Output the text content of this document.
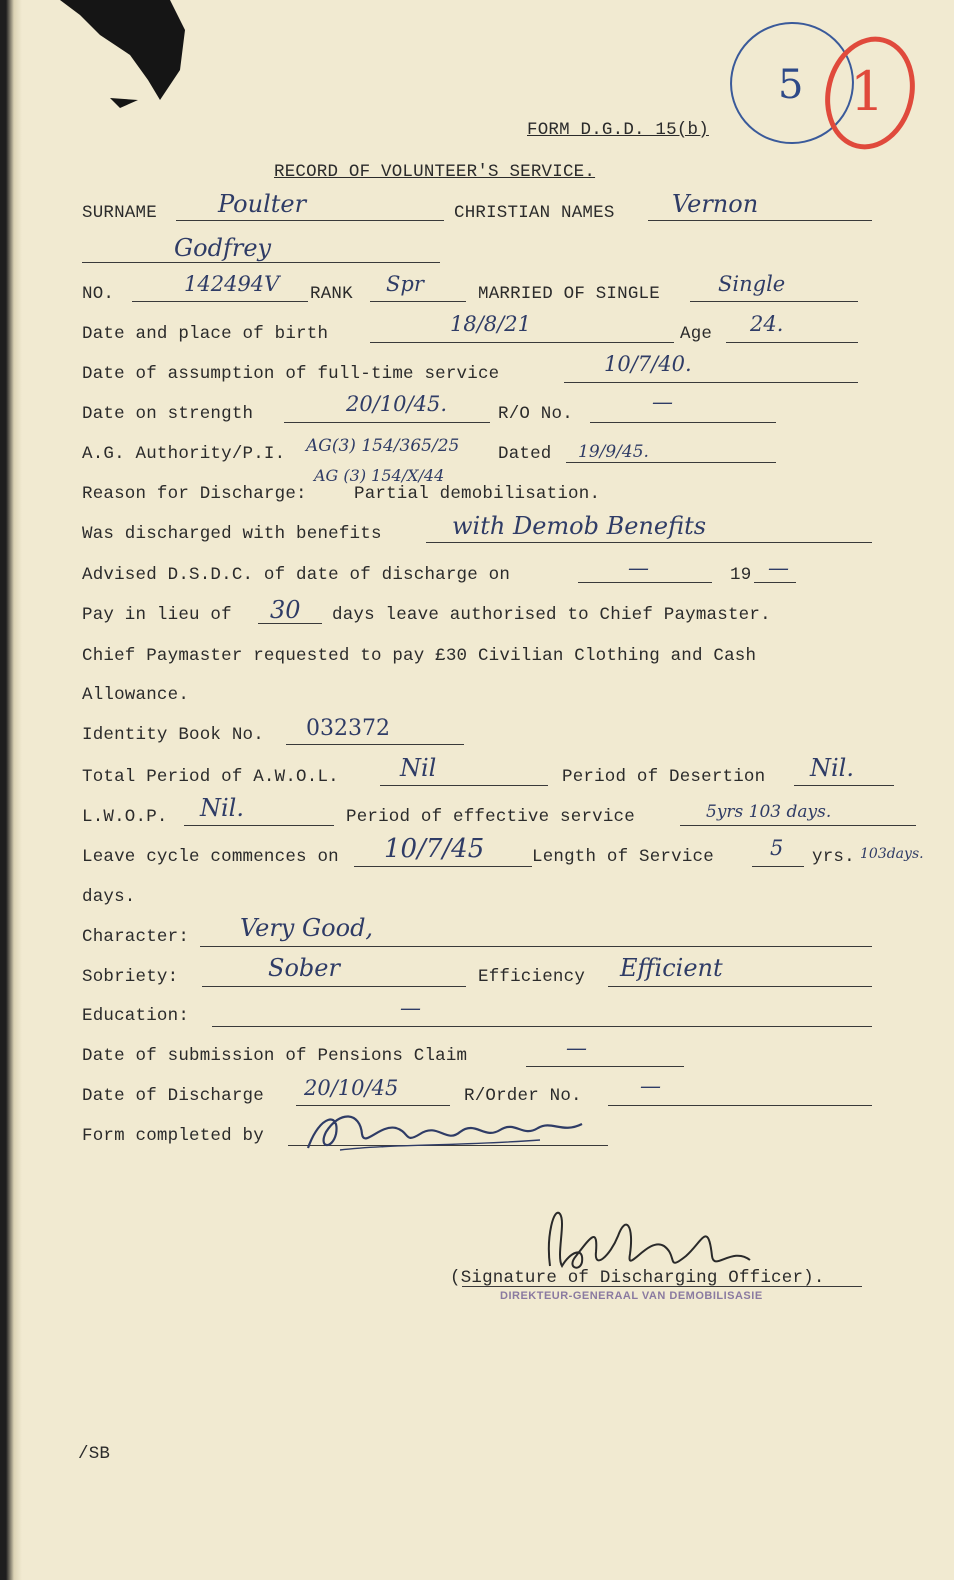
5 1
FORM D.G.D. 15(b)
RECORD OF VOLUNTEER'S SERVICE.
SURNAME	Poulter	CHRISTIAN NAMES Vernon
Godfrey
NO.	142494V RANK Spr	MARRIED OF SINGLE	Single
Date and place of birth	18/8/21	Age 24.
Date of assumption of full-time service	10/7/40.
Date on strength	20/10/45.	R/O No.	—
A.G. Authority/P.I. AG(3) 154/365/25
AG (3) 154/X/44
Dated 19/9/45.
Reason for Discharge:	Partial demobilisation.
Was discharged with benefits	with Demob Benefits
Advised D.S.D.C. of date of discharge on	—	19 —
Pay in lieu of 30 days leave authorised to Chief Paymaster.
Chief Paymaster requested to pay £30 Civilian Clothing and Cash
Allowance.
Identity Book No. 032372
Total Period of A.W.O.L.	Nil	Period of Desertion Nil.
L.W.O.P. Nil.	Period of effective service	5yrs 103 days.
Leave cycle commences on 10/7/45	Length of Service	5 yrs. 103days.
days.
Character: Very Good,
Sobriety:	Sober	Efficiency Efficient
Education:	—
Date of submission of Pensions Claim	—
Date of Discharge 20/10/45	R/Order No.	—
Form completed by
DIREKTEUR-GENERAAL VAN DEMOBILISASIE
(Signature of Discharging Officer).
/SB
